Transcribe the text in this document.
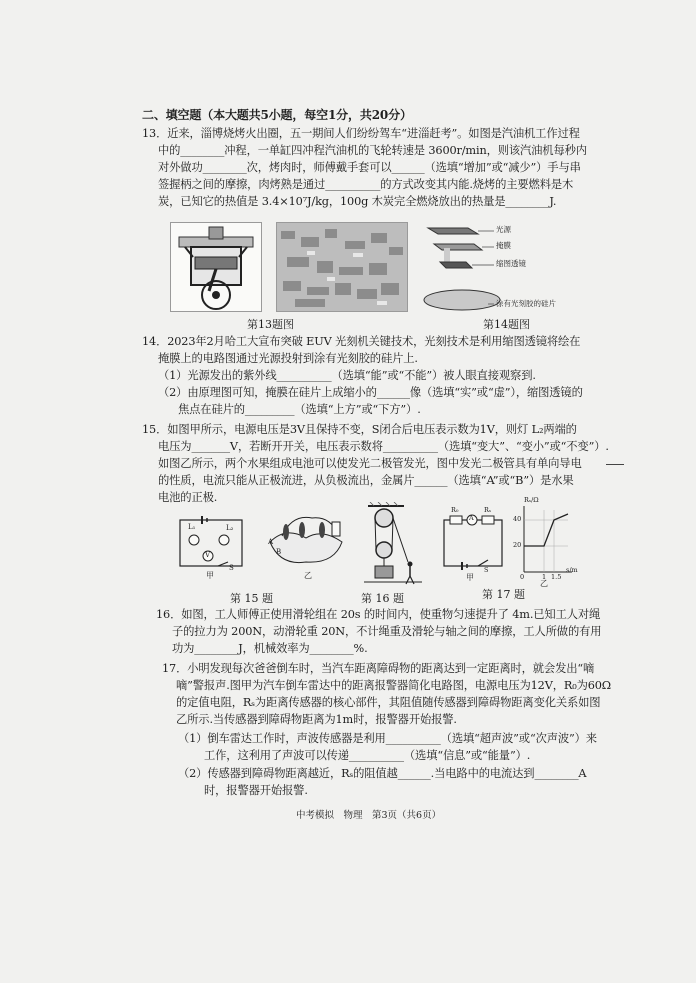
二、填空题（本大题共5小题，每空1分，共20分）
13．近来，淄博烧烤火出圈，五一期间人们纷纷驾车“进淄赶考”。如图是汽油机工作过程
中的________冲程，一单缸四冲程汽油机的飞轮转速是 3600r/min，则该汽油机每秒内
对外做功________次，烤肉时，师傅戴手套可以______（选填“增加”或“减少”）手与串
签握柄之间的摩擦，肉烤熟是通过__________的方式改变其内能.烧烤的主要燃料是木
炭，已知它的热值是 3.4×10⁷J/kg，100g 木炭完全燃烧放出的热量是________J.
光源
掩膜
缩图透镜
涂有光刻胶的硅片
第13题图	第14题图
14．2023年2月哈工大宣布突破 EUV 光刻机关键技术，光刻技术是利用缩图透镜将绘在
掩膜上的电路图通过光源投射到涂有光刻胶的硅片上.
（1）光源发出的紫外线__________（选填“能”或“不能”）被人眼直接观察到.
（2）由原理图可知，掩膜在硅片上成缩小的______像（选填“实”或“虚”），缩图透镜的
焦点在硅片的_________（选填“上方”或“下方”）.
15．如图甲所示，电源电压是3V且保持不变，S闭合后电压表示数为1V，则灯 L₂两端的
电压为_______V，若断开开关，电压表示数将__________（选填“变大”、“变小”或“不变”）.
如图乙所示，两个水果组成电池可以使发光二极管发光，图中发光二极管具有单向导电
的性质，电流只能从正极流进，从负极流出，金属片______（选填“A”或“B”）是水果
电池的正极.
L₁	L₂
V
S
甲
A
B
乙
R₀	Rₛ
A
S
甲
Rₛ/Ω
40
20
0	1 1.5
s/m
乙
第 15 题	第 16 题	第 17 题
16．如图，工人师傅正使用滑轮组在 20s 的时间内，使重物匀速提升了 4m.已知工人对绳
子的拉力为 200N，动滑轮重 20N，不计绳重及滑轮与轴之间的摩擦，工人所做的有用
功为________J，机械效率为________%.
17．小明发现每次爸爸倒车时，当汽车距离障碍物的距离达到一定距离时，就会发出“嘀
嘀”警报声.图甲为汽车倒车雷达中的距离报警器简化电路图，电源电压为12V，R₀为60Ω
的定值电阻，Rₛ为距离传感器的核心部件，其阻值随传感器到障碍物距离变化关系如图
乙所示.当传感器到障碍物距离为1m时，报警器开始报警.
（1）倒车雷达工作时，声波传感器是利用__________（选填“超声波”或“次声波”）来
工作，这利用了声波可以传递__________（选填“信息”或“能量”）.
（2）传感器到障碍物距离越近，Rₛ的阻值越______.当电路中的电流达到________A
时，报警器开始报警.
中考模拟　物理　第3页（共6页）
